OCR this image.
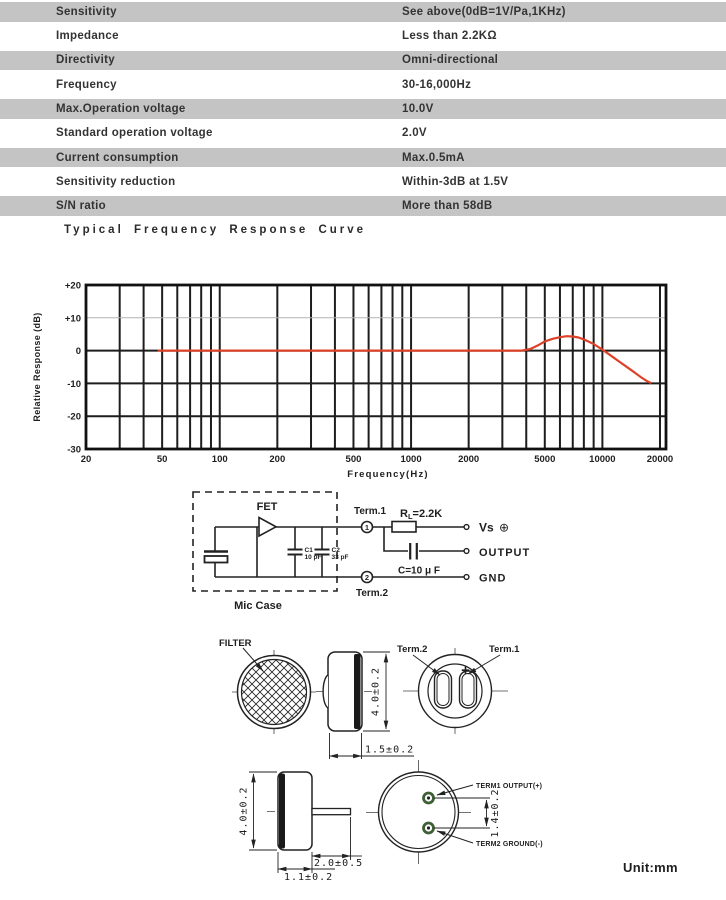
Sensitivity	See above(0dB=1V/Pa,1KHz)
Impedance	Less than 2.2KΩ
Directivity	Omni-directional
Frequency	30-16,000Hz
Max.Operation voltage	10.0V
Standard operation voltage	2.0V
Current consumption	Max.0.5mA
Sensitivity reduction	Within-3dB at 1.5V
S/N ratio	More than 58dB
Typical Frequency Response Curve
+20
+10
0
-10
-20
-30
20	50	100	200	500	1000	2000	5000	10000	20000
Frequency(Hz)
Relative Response (dB)
FET	Term.1
Term.2
1
2
RL=2.2K
C1
10 pF
C2
33 pF
C=10 μ F
Vs ⊕
OUTPUT
GND
Mic Case
FILTER
4.0±0.2
1.5±0.2
Term.2	Term.1
+
4.0±0.2
2.0±0.5
1.1±0.2
1.4±0.2
TERM1 OUTPUT(+)
TERM2 GROUND(-)
Unit:mm
